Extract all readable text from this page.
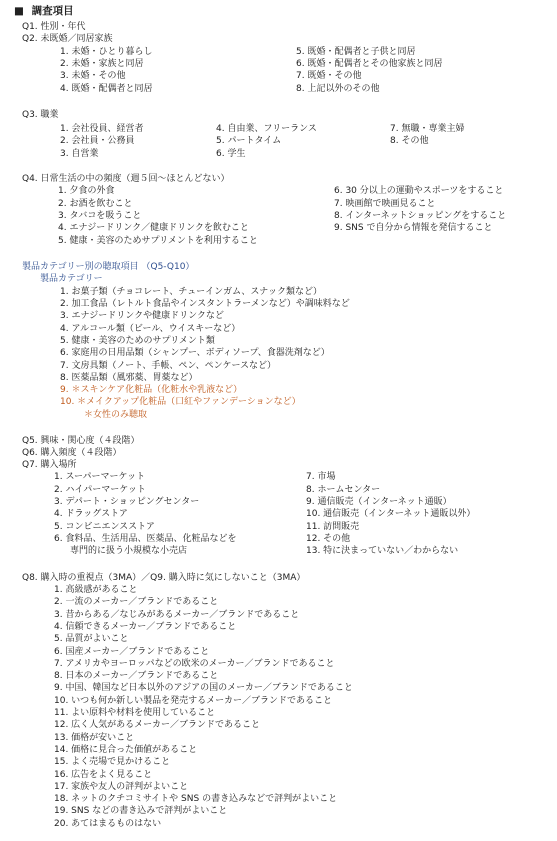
■ 調査項目
Q1. 性別・年代
Q2. 未既婚／同居家族
1. 未婚・ひとり暮らし
2. 未婚・家族と同居
3. 未婚・その他
4. 既婚・配偶者と同居
5. 既婚・配偶者と子供と同居
6. 既婚・配偶者とその他家族と同居
7. 既婚・その他
8. 上記以外のその他
Q3. 職業
1. 会社役員、経営者
2. 会社員・公務員
3. 自営業
4. 自由業、フリーランス
5. パートタイム
6. 学生
7. 無職・専業主婦
8. その他
Q4. 日常生活の中の頻度（週５回～ほとんどない）
1. 夕食の外食
2. お酒を飲むこと
3. タバコを吸うこと
4. エナジードリンク／健康ドリンクを飲むこと
5. 健康・美容のためサプリメントを利用すること
6. 30 分以上の運動やスポーツをすること
7. 映画館で映画見ること
8. インターネットショッピングをすること
9. SNS で自分から情報を発信すること
製品カテゴリー別の聴取項目 （Q5-Q10）
製品カテゴリー
1. お菓子類（チョコレート、チューインガム、スナック類など）
2. 加工食品（レトルト食品やインスタントラーメンなど）や調味料など
3. エナジードリンクや健康ドリンクなど
4. アルコール類（ビール、ウイスキーなど）
5. 健康・美容のためのサプリメント類
6. 家庭用の日用品類（シャンプー、ボディソープ、食器洗剤など）
7. 文房具類（ノート、手帳、ペン、ペンケースなど）
8. 医薬品類（風邪薬、胃薬など）
9. ＊スキンケア化粧品（化粧水や乳液など）
10. ＊メイクアップ化粧品（口紅やファンデーションなど）
＊女性のみ聴取
Q5. 興味・関心度（４段階）
Q6. 購入頻度（４段階）
Q7. 購入場所
1. スーパーマーケット
2. ハイパーマーケット
3. デパート・ショッピングセンター
4. ドラッグストア
5. コンビニエンスストア
6. 食料品、生活用品、医薬品、化粧品などを
専門的に扱う小規模な小売店
7. 市場
8. ホームセンター
9. 通信販売（インターネット通販）
10. 通信販売（インターネット通販以外）
11. 訪問販売
12. その他
13. 特に決まっていない／わからない
Q8. 購入時の重視点（3MA）／Q9. 購入時に気にしないこと（3MA）
1. 高級感があること
2. 一流のメーカー／ブランドであること
3. 昔からある／なじみがあるメーカー／ブランドであること
4. 信頼できるメーカー／ブランドであること
5. 品質がよいこと
6. 国産メーカー／ブランドであること
7. アメリカやヨーロッパなどの欧米のメーカー／ブランドであること
8. 日本のメーカー／ブランドであること
9. 中国、韓国など日本以外のアジアの国のメーカー／ブランドであること
10. いつも何か新しい製品を発売するメーカー／ブランドであること
11. よい原料や材料を使用していること
12. 広く人気があるメーカー／ブランドであること
13. 価格が安いこと
14. 価格に見合った価値があること
15. よく売場で見かけること
16. 広告をよく見ること
17. 家族や友人の評判がよいこと
18. ネットのクチコミサイトや SNS の書き込みなどで評判がよいこと
19. SNS などの書き込みで評判がよいこと
20. あてはまるものはない
